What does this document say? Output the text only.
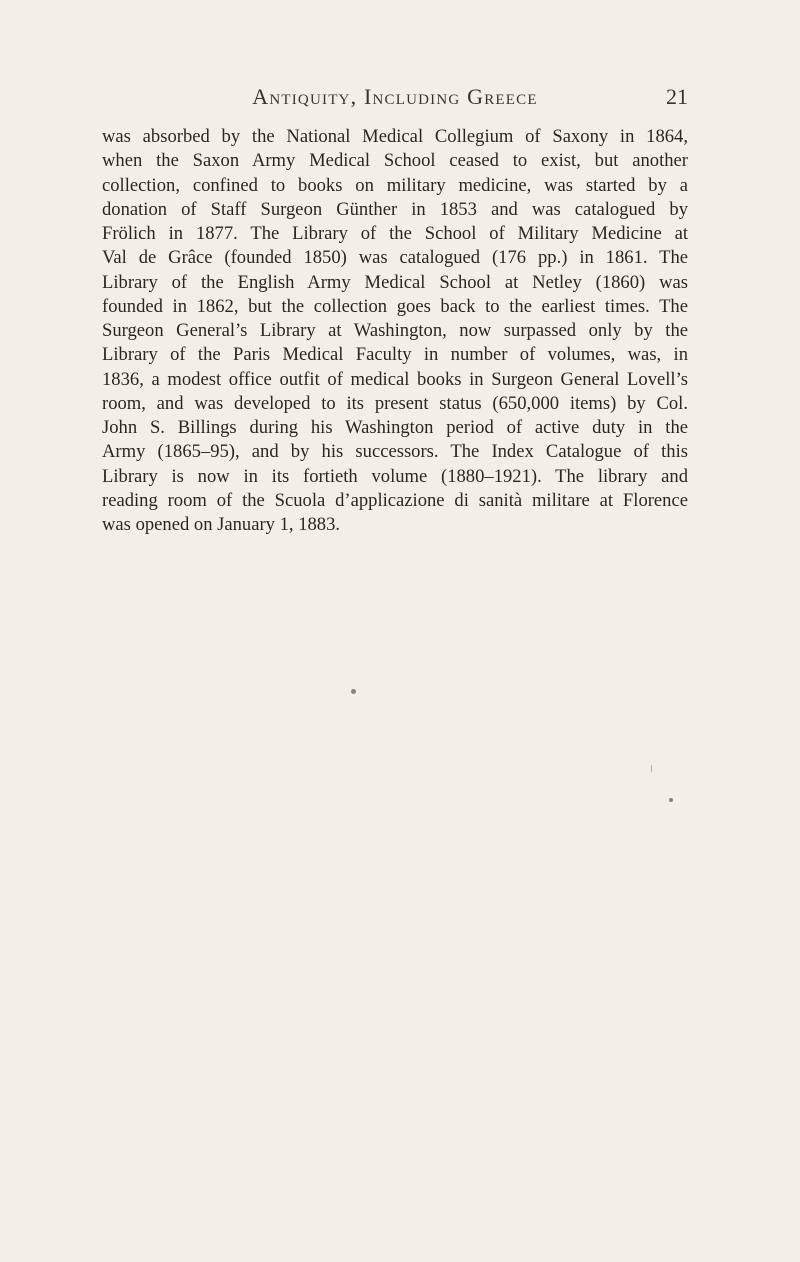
Antiquity, Including Greece	21
was absorbed by the National Medical Collegium of Saxony in 1864,
when the Saxon Army Medical School ceased to exist, but another
collection, confined to books on military medicine, was started by a
donation of Staff Surgeon Günther in 1853 and was catalogued by
Frölich in 1877. The Library of the School of Military Medicine at
Val de Grâce (founded 1850) was catalogued (176 pp.) in 1861. The
Library of the English Army Medical School at Netley (1860) was
founded in 1862, but the collection goes back to the earliest times. The
Surgeon General’s Library at Washington, now surpassed only by the
Library of the Paris Medical Faculty in number of volumes, was, in
1836, a modest office outfit of medical books in Surgeon General Lovell’s
room, and was developed to its present status (650,000 items) by Col.
John S. Billings during his Washington period of active duty in the
Army (1865–95), and by his successors. The Index Catalogue of this
Library is now in its fortieth volume (1880–1921). The library and
reading room of the Scuola d’applicazione di sanità militare at Florence
was opened on January 1, 1883.
